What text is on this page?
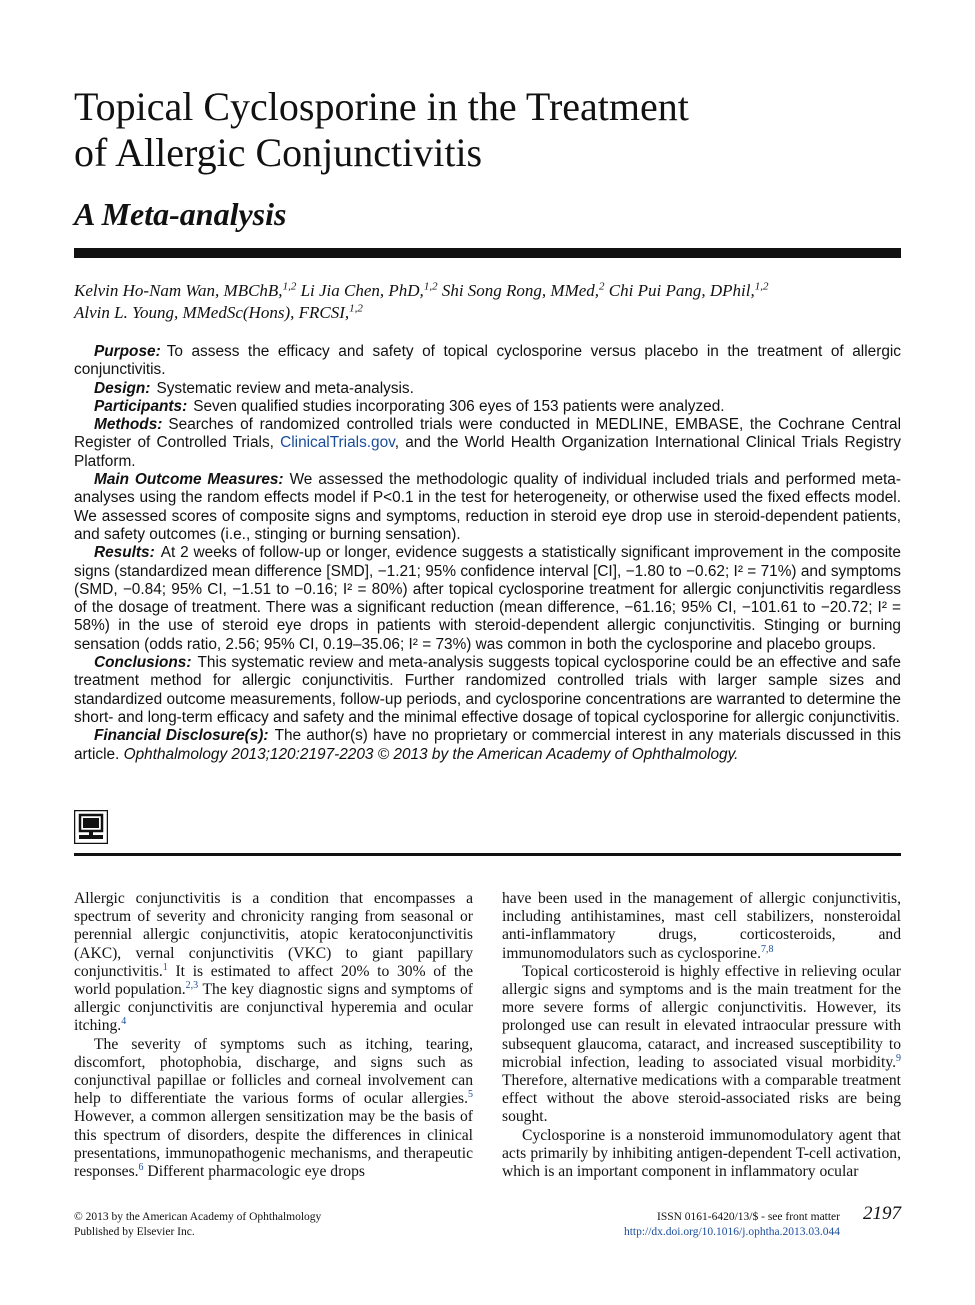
Topical Cyclosporine in the Treatment
of Allergic Conjunctivitis
A Meta-analysis
Kelvin Ho-Nam Wan, MBChB,$^{1,2}$ Li Jia Chen, PhD,$^{1,2}$ Shi Song Rong, MMed,$^2$ Chi Pui Pang, DPhil,$^{1,2}$
Alvin L. Young, MMedSc(Hons), FRCSI,$^{1,2}$

Purpose: To assess the efficacy and safety of topical cyclosporine versus placebo in the treatment of allergic conjunctivitis.

Design: Systematic review and meta-analysis.

Participants: Seven qualified studies incorporating 306 eyes of 153 patients were analyzed.

Methods: Searches of randomized controlled trials were conducted in MEDLINE, EMBASE, the Cochrane Central Register of Controlled Trials, ClinicalTrials.gov, and the World Health Organization International Clinical Trials Registry Platform.

Main Outcome Measures: We assessed the methodologic quality of individual included trials and performed meta-analyses using the random effects model if P<0.1 in the test for heterogeneity, or otherwise used the fixed effects model. We assessed scores of composite signs and symptoms, reduction in steroid eye drop use in steroid-dependent patients, and safety outcomes (i.e., stinging or burning sensation).

Results: At 2 weeks of follow-up or longer, evidence suggests a statistically significant improvement in the composite signs (standardized mean difference [SMD], −1.21; 95% confidence interval [CI], −1.80 to −0.62; I² = 71%) and symptoms (SMD, −0.84; 95% CI, −1.51 to −0.16; I² = 80%) after topical cyclosporine treatment for allergic conjunctivitis regardless of the dosage of treatment. There was a significant reduction (mean difference, −61.16; 95% CI, −101.61 to −20.72; I² = 58%) in the use of steroid eye drops in patients with steroid-dependent allergic conjunctivitis. Stinging or burning sensation (odds ratio, 2.56; 95% CI, 0.19–35.06; I² = 73%) was common in both the cyclosporine and placebo groups.

Conclusions: This systematic review and meta-analysis suggests topical cyclosporine could be an effective and safe treatment method for allergic conjunctivitis. Further randomized controlled trials with larger sample sizes and standardized outcome measurements, follow-up periods, and cyclosporine concentrations are warranted to determine the short- and long-term efficacy and safety and the minimal effective dosage of topical cyclosporine for allergic conjunctivitis.

Financial Disclosure(s): The author(s) have no proprietary or commercial interest in any materials discussed in this article. Ophthalmology 2013;120:2197-2203 © 2013 by the American Academy of Ophthalmology.

Allergic conjunctivitis is a condition that encompasses a spectrum of severity and chronicity ranging from seasonal or perennial allergic conjunctivitis, atopic keratoconjunctivitis (AKC), vernal conjunctivitis (VKC) to giant papillary conjunctivitis.$^1$ It is estimated to affect 20% to 30% of the world population.$^{2,3}$ The key diagnostic signs and symptoms of allergic conjunctivitis are conjunctival hyperemia and ocular itching.$^4$

The severity of symptoms such as itching, tearing, discomfort, photophobia, discharge, and signs such as conjunctival papillae or follicles and corneal involvement can help to differentiate the various forms of ocular allergies.$^5$ However, a common allergen sensitization may be the basis of this spectrum of disorders, despite the differences in clinical presentations, immunopathogenic mechanisms, and therapeutic responses.$^6$ Different pharmacologic eye drops

have been used in the management of allergic conjunctivitis, including antihistamines, mast cell stabilizers, nonsteroidal anti-inflammatory drugs, corticosteroids, and immunomodulators such as cyclosporine.$^{7,8}$

Topical corticosteroid is highly effective in relieving ocular allergic signs and symptoms and is the main treatment for the more severe forms of allergic conjunctivitis. However, its prolonged use can result in elevated intraocular pressure with subsequent glaucoma, cataract, and increased susceptibility to microbial infection, leading to associated visual morbidity.$^9$ Therefore, alternative medications with a comparable treatment effect without the above steroid-associated risks are being sought.

Cyclosporine is a nonsteroid immunomodulatory agent that acts primarily by inhibiting antigen-dependent T-cell activation, which is an important component in inflammatory ocular

© 2013 by the American Academy of Ophthalmology
Published by Elsevier Inc.
ISSN 0161-6420/13/$ - see front matter
http://dx.doi.org/10.1016/j.ophtha.2013.03.044
2197
